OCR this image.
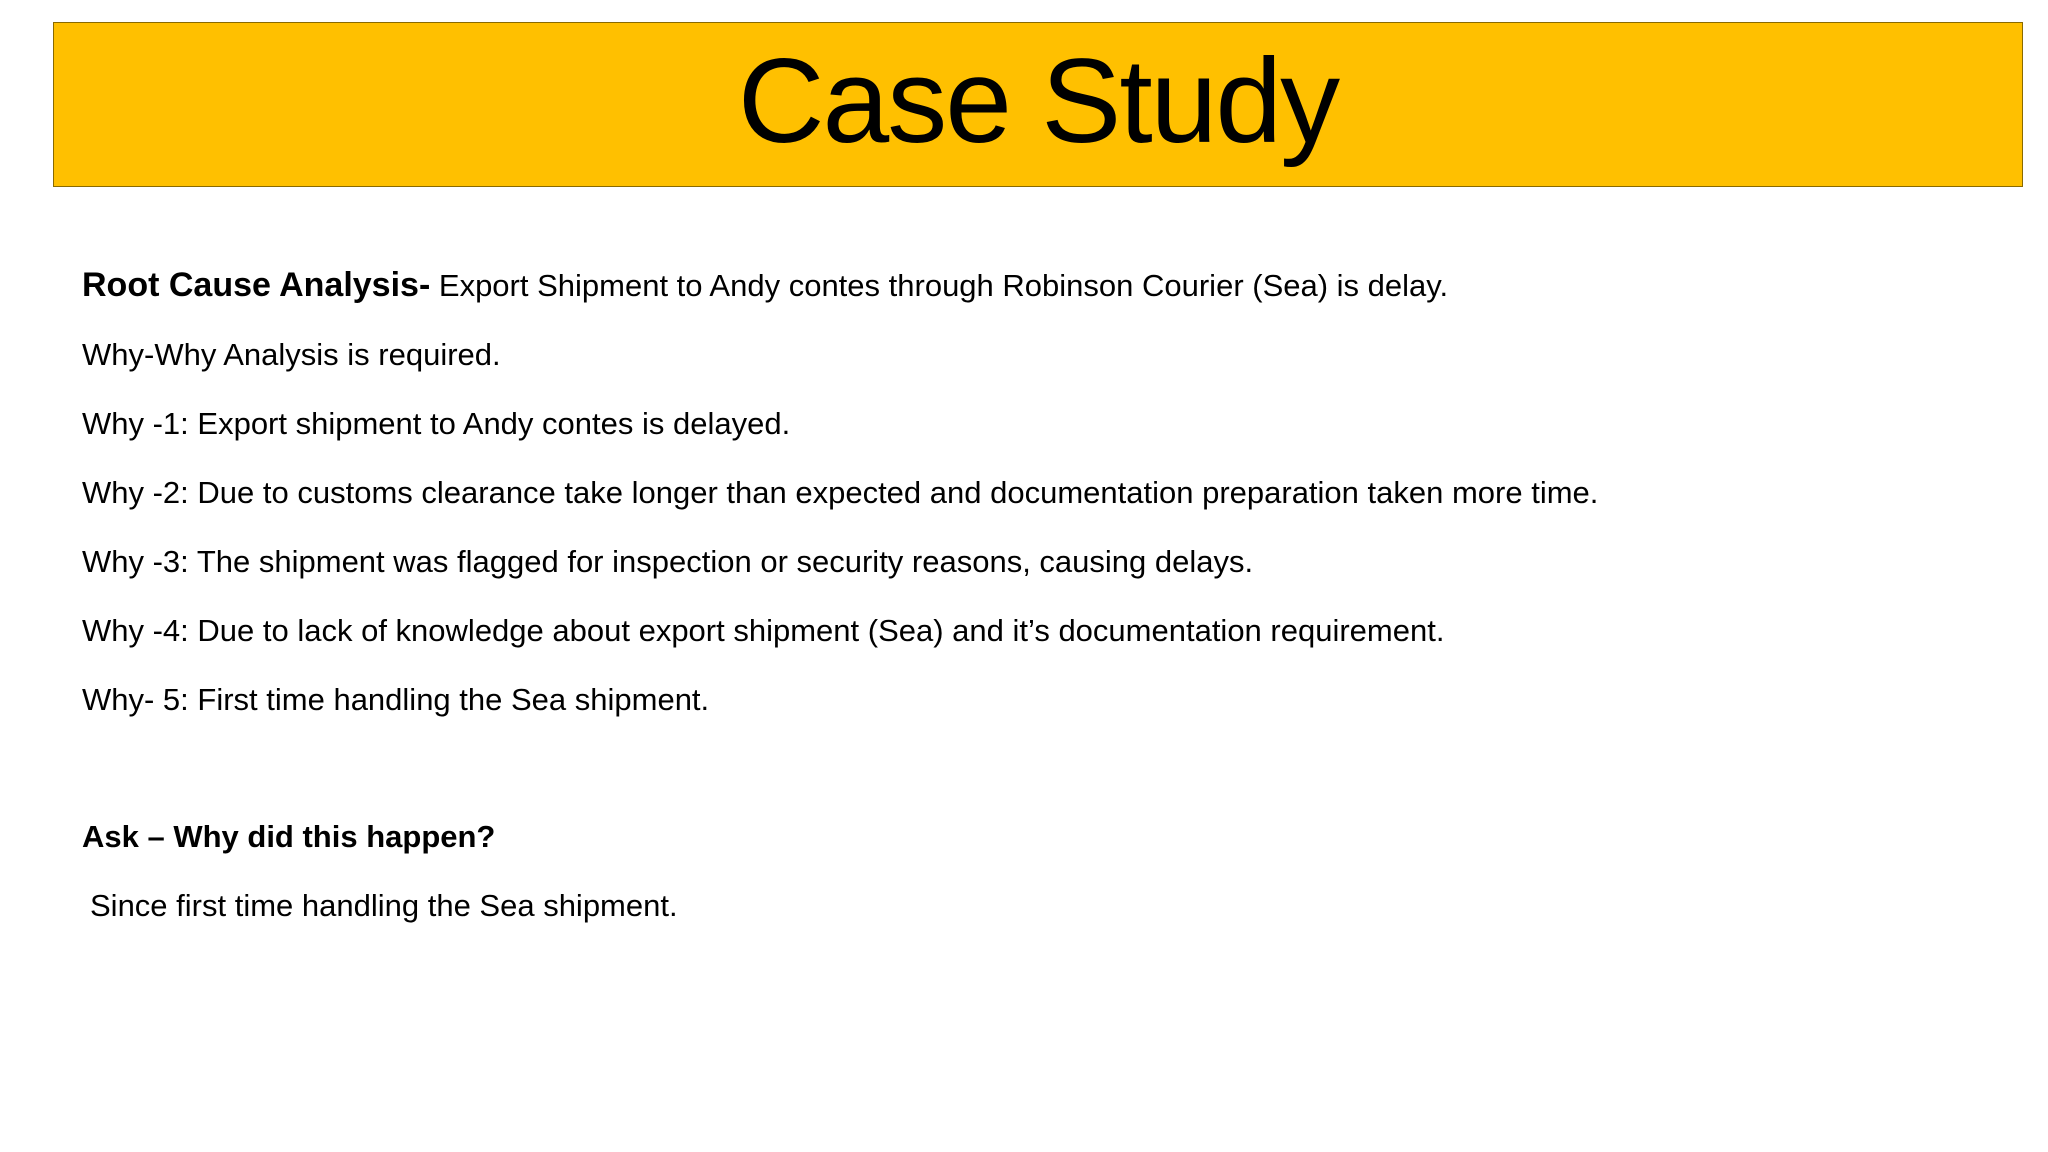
Case Study
Root Cause Analysis- Export Shipment to Andy contes through Robinson Courier (Sea) is delay.
Why-Why Analysis is required.
Why -1: Export shipment to Andy contes is delayed.
Why -2: Due to customs clearance take longer than expected and documentation preparation taken more time.
Why -3: The shipment was flagged for inspection or security reasons, causing delays.
Why -4: Due to lack of knowledge about export shipment (Sea) and it’s documentation requirement.
Why- 5: First time handling the Sea shipment.
Ask – Why did this happen?
Since first time handling the Sea shipment.
